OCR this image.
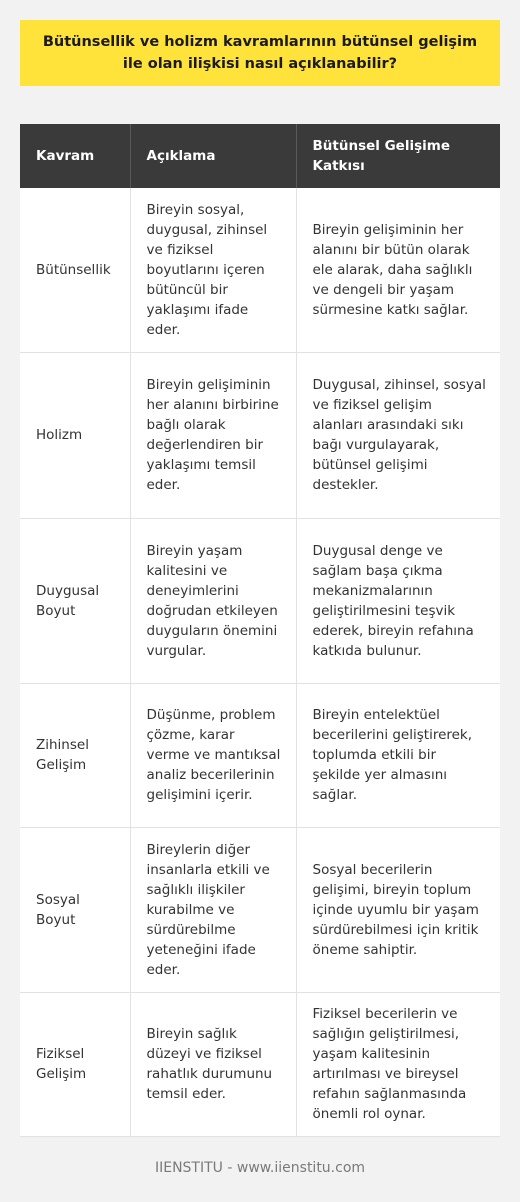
Bütünsellik ve holizm kavramlarının bütünsel gelişim ile olan ilişkisi nasıl açıklanabilir?
Kavram	Açıklama	Bütünsel Gelişime Katkısı
Bütünsellik	Bireyin sosyal, duygusal, zihinsel ve fiziksel boyutlarını içeren bütüncül bir yaklaşımı ifade eder.	Bireyin gelişiminin her alanını bir bütün olarak ele alarak, daha sağlıklı ve dengeli bir yaşam sürmesine katkı sağlar.
Holizm	Bireyin gelişiminin her alanını birbirine bağlı olarak değerlendiren bir yaklaşımı temsil eder.	Duygusal, zihinsel, sosyal ve fiziksel gelişim alanları arasındaki sıkı bağı vurgulayarak, bütünsel gelişimi destekler.
Duygusal Boyut	Bireyin yaşam kalitesini ve deneyimlerini doğrudan etkileyen duyguların önemini vurgular.	Duygusal denge ve sağlam başa çıkma mekanizmalarının geliştirilmesini teşvik ederek, bireyin refahına katkıda bulunur.
Zihinsel Gelişim	Düşünme, problem çözme, karar verme ve mantıksal analiz becerilerinin gelişimini içerir.	Bireyin entelektüel becerilerini geliştirerek, toplumda etkili bir şekilde yer almasını sağlar.
Sosyal Boyut	Bireylerin diğer insanlarla etkili ve sağlıklı ilişkiler kurabilme ve sürdürebilme yeteneğini ifade eder.	Sosyal becerilerin gelişimi, bireyin toplum içinde uyumlu bir yaşam sürdürebilmesi için kritik öneme sahiptir.
Fiziksel Gelişim	Bireyin sağlık düzeyi ve fiziksel rahatlık durumunu temsil eder.	Fiziksel becerilerin ve sağlığın geliştirilmesi, yaşam kalitesinin artırılması ve bireysel refahın sağlanmasında önemli rol oynar.
IIENSTITU - www.iienstitu.com
